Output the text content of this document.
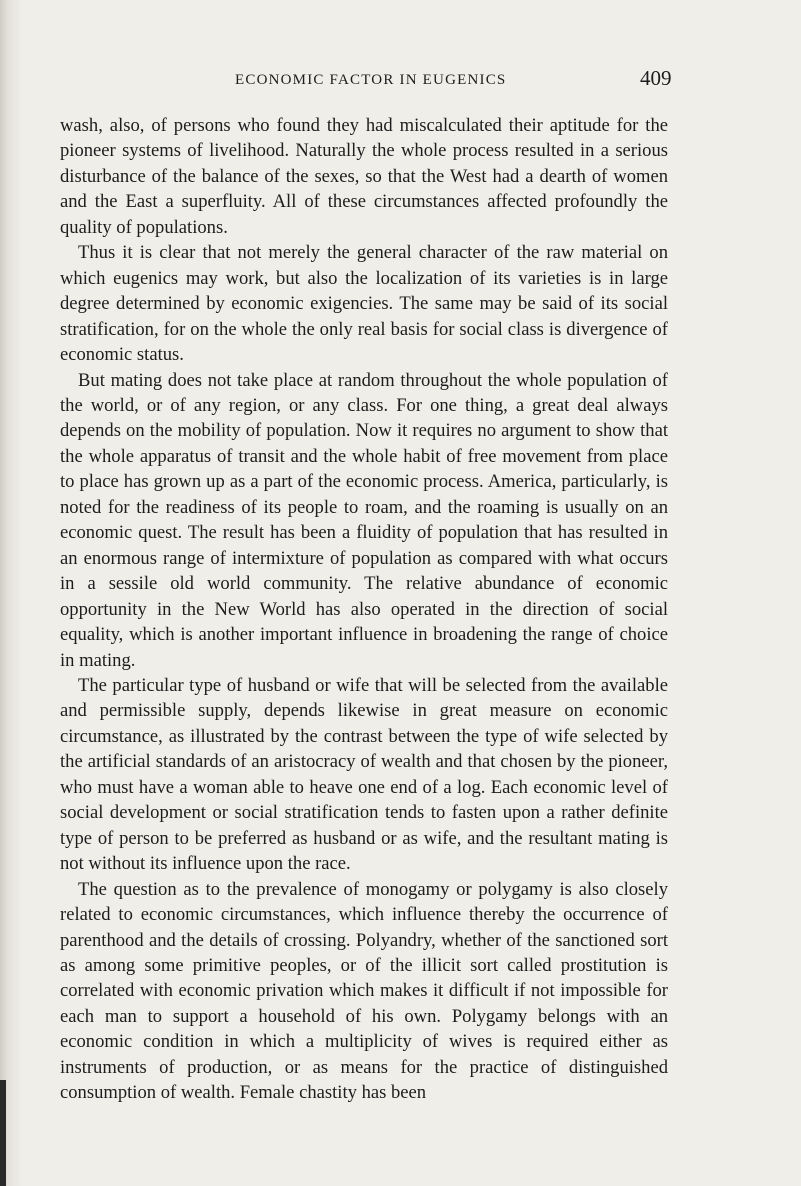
ECONOMIC FACTOR IN EUGENICS	409

wash, also, of persons who found they had miscalculated their aptitude for the pioneer systems of livelihood. Naturally the whole process resulted in a serious disturbance of the balance of the sexes, so that the West had a dearth of women and the East a superfluity. All of these circumstances affected profoundly the quality of populations.

Thus it is clear that not merely the general character of the raw material on which eugenics may work, but also the localization of its varieties is in large degree determined by economic exigencies. The same may be said of its social stratification, for on the whole the only real basis for social class is divergence of economic status.

But mating does not take place at random throughout the whole population of the world, or of any region, or any class. For one thing, a great deal always depends on the mobility of population. Now it requires no argument to show that the whole apparatus of transit and the whole habit of free movement from place to place has grown up as a part of the economic process. America, particularly, is noted for the readiness of its people to roam, and the roaming is usually on an economic quest. The result has been a fluidity of population that has resulted in an enormous range of intermixture of population as compared with what occurs in a sessile old world community. The relative abundance of economic opportunity in the New World has also operated in the direction of social equality, which is another important influence in broadening the range of choice in mating.

The particular type of husband or wife that will be selected from the available and permissible supply, depends likewise in great measure on economic circumstance, as illustrated by the contrast between the type of wife selected by the artificial standards of an aristocracy of wealth and that chosen by the pioneer, who must have a woman able to heave one end of a log. Each economic level of social development or social stratification tends to fasten upon a rather definite type of person to be preferred as husband or as wife, and the resultant mating is not without its influence upon the race.

The question as to the prevalence of monogamy or polygamy is also closely related to economic circumstances, which influence thereby the occurrence of parenthood and the details of crossing. Polyandry, whether of the sanctioned sort as among some primitive peoples, or of the illicit sort called prostitution is correlated with economic privation which makes it difficult if not impossible for each man to support a household of his own. Polygamy belongs with an economic condition in which a multiplicity of wives is required either as instruments of production, or as means for the practice of distinguished consumption of wealth. Female chastity has been
